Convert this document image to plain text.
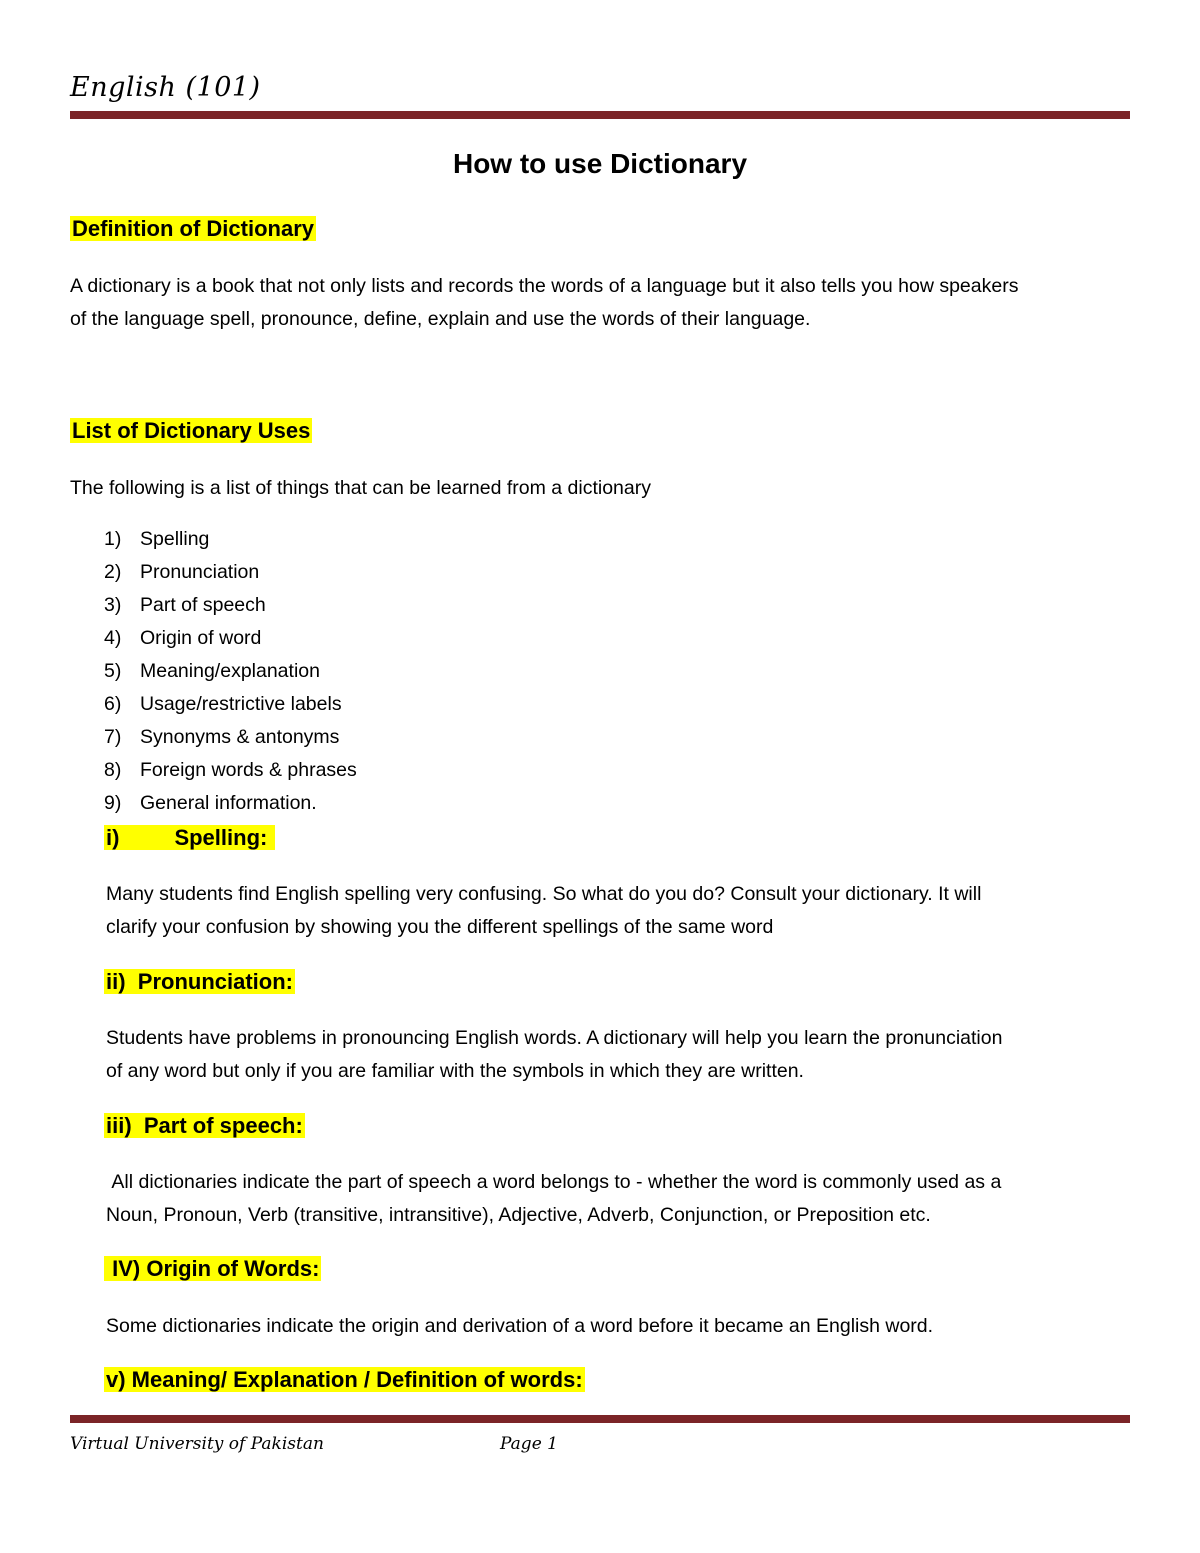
English (101)
How to use Dictionary
Definition of Dictionary
A dictionary is a book that not only lists and records the words of a language but it also tells you how speakers
of the language spell, pronounce, define, explain and use the words of their language.
List of Dictionary Uses
The following is a list of things that can be learned from a dictionary
1) Spelling
2) Pronunciation
3) Part of speech
4) Origin of word
5) Meaning/explanation
6) Usage/restrictive labels
7) Synonyms & antonyms
8) Foreign words & phrases
9) General information.
i)         Spelling:
Many students find English spelling very confusing. So what do you do? Consult your dictionary. It will
clarify your confusion by showing you the different spellings of the same word
ii)  Pronunciation:
Students have problems in pronouncing English words. A dictionary will help you learn the pronunciation
of any word but only if you are familiar with the symbols in which they are written.
iii)  Part of speech:
All dictionaries indicate the part of speech a word belongs to - whether the word is commonly used as a
Noun, Pronoun, Verb (transitive, intransitive), Adjective, Adverb, Conjunction, or Preposition etc.
IV) Origin of Words:
Some dictionaries indicate the origin and derivation of a word before it became an English word.
v) Meaning/ Explanation / Definition of words:
Virtual University of Pakistan	Page 1
